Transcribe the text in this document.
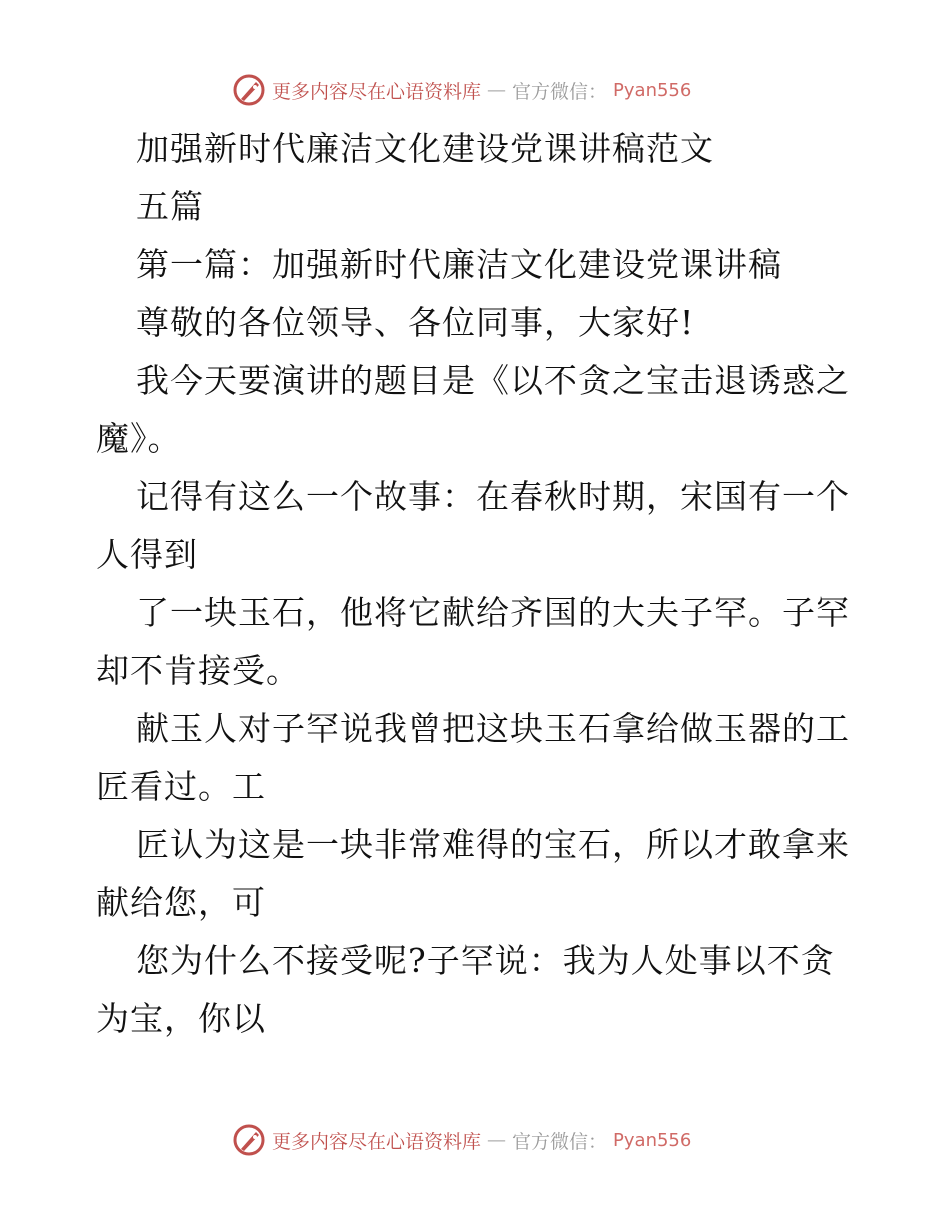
更多内容尽在心语资料库 — 官方微信： Pyan556
加强新时代廉洁文化建设党课讲稿范文
五篇
第一篇：加强新时代廉洁文化建设党课讲稿
尊敬的各位领导、各位同事，大家好!
我今天要演讲的题目是《以不贪之宝击退诱惑之
魔》。
记得有这么一个故事：在春秋时期，宋国有一个
人得到
了一块玉石，他将它献给齐国的大夫子罕。子罕
却不肯接受。
献玉人对子罕说我曾把这块玉石拿给做玉器的工
匠看过。工
匠认为这是一块非常难得的宝石，所以才敢拿来
献给您，可
您为什么不接受呢?子罕说：我为人处事以不贪
为宝，你以
更多内容尽在心语资料库 — 官方微信： Pyan556
